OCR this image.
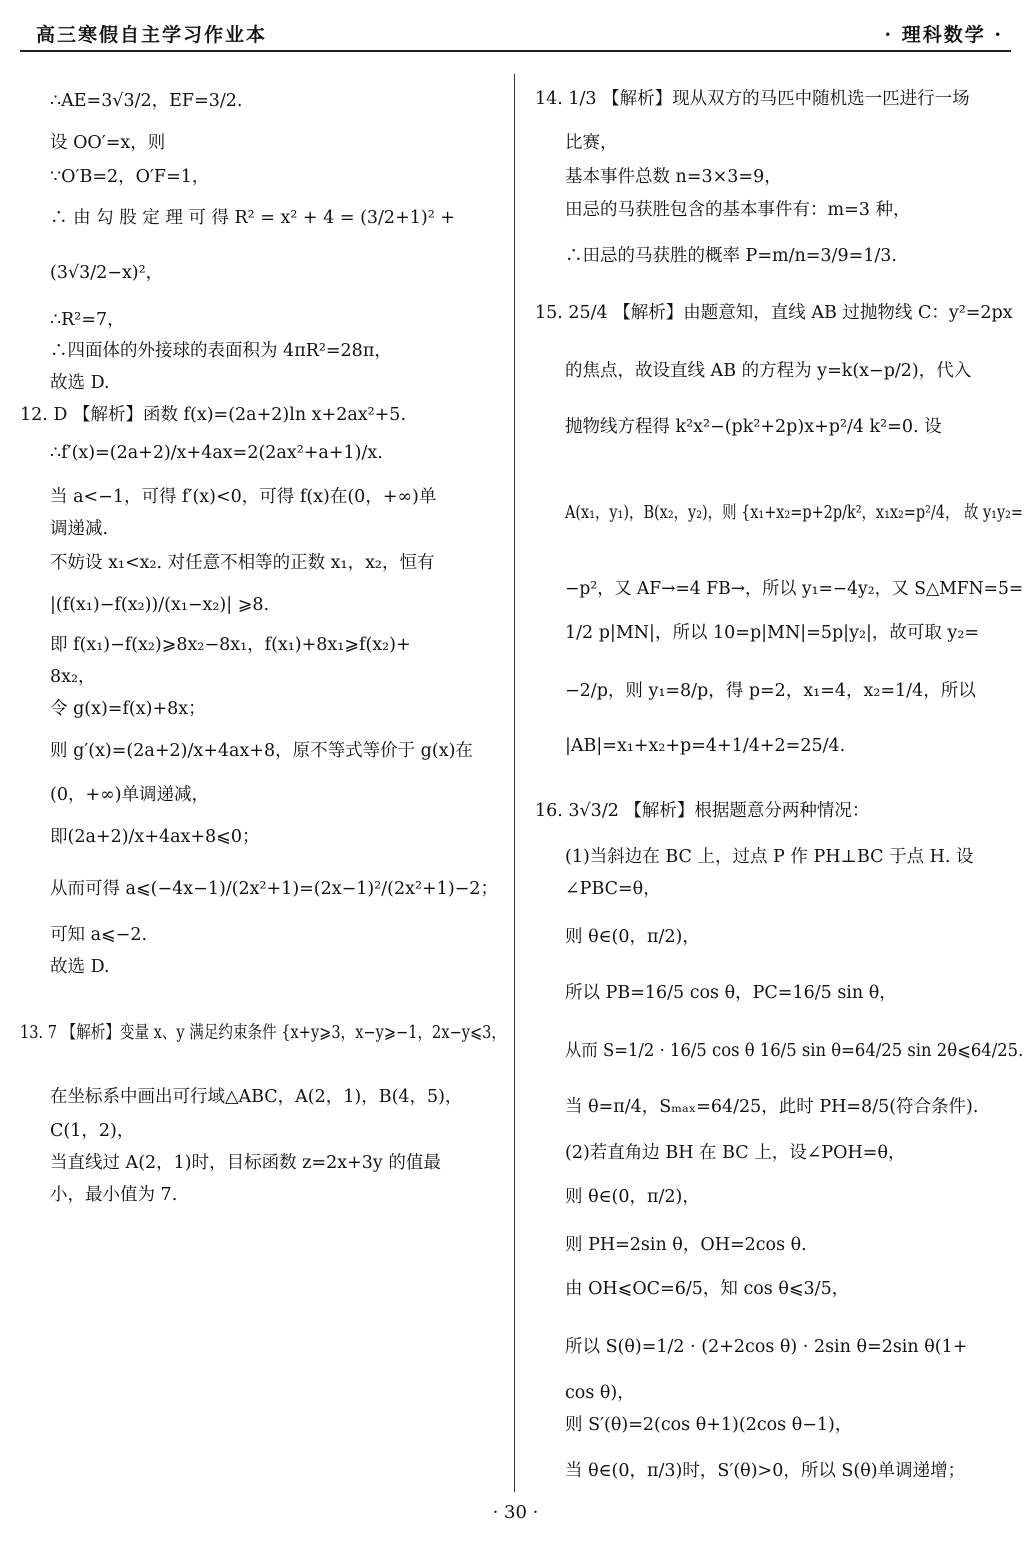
高三寒假自主学习作业本	· 理科数学 ·
∴AE=3√3/2，EF=3/2.
设 OO′=x，则
∵O′B=2，O′F=1，
∴ 由 勾 股 定 理 可 得 R² = x² + 4 = (3/2+1)² +
(3√3/2−x)²，
∴R²=7，
∴四面体的外接球的表面积为 4πR²=28π，
故选 D.
12. D 【解析】函数 f(x)=(2a+2)ln x+2ax²+5.
∴f′(x)=(2a+2)/x+4ax=2(2ax²+a+1)/x.
当 a<−1，可得 f′(x)<0，可得 f(x)在(0，+∞)单
调递减.
不妨设 x₁<x₂. 对任意不相等的正数 x₁，x₂，恒有
|(f(x₁)−f(x₂))/(x₁−x₂)| ⩾8.
即 f(x₁)−f(x₂)⩾8x₂−8x₁，f(x₁)+8x₁⩾f(x₂)+
8x₂，
令 g(x)=f(x)+8x；
则 g′(x)=(2a+2)/x+4ax+8，原不等式等价于 g(x)在
(0，+∞)单调递减，
即(2a+2)/x+4ax+8⩽0；
从而可得 a⩽(−4x−1)/(2x²+1)=(2x−1)²/(2x²+1)−2；
可知 a⩽−2.
故选 D.
13. 7 【解析】变量 x、y 满足约束条件 {x+y⩾3，x−y⩾−1，2x−y⩽3，
在坐标系中画出可行域△ABC，A(2，1)，B(4，5)，
C(1，2)，
当直线过 A(2，1)时，目标函数 z=2x+3y 的值最
小，最小值为 7.
14. 1/3 【解析】现从双方的马匹中随机选一匹进行一场
比赛，
基本事件总数 n=3×3=9，
田忌的马获胜包含的基本事件有：m=3 种，
∴田忌的马获胜的概率 P=m/n=3/9=1/3.
15. 25/4 【解析】由题意知，直线 AB 过抛物线 C：y²=2px
的焦点，故设直线 AB 的方程为 y=k(x−p/2)，代入
抛物线方程得 k²x²−(pk²+2p)x+p²/4 k²=0. 设
A(x₁，y₁)，B(x₂，y₂)，则 {x₁+x₂=p+2p/k²，x₁x₂=p²/4， 故 y₁y₂=
−p²，又 AF→=4 FB→，所以 y₁=−4y₂，又 S△MFN=5=
1/2 p|MN|，所以 10=p|MN|=5p|y₂|，故可取 y₂=
−2/p，则 y₁=8/p，得 p=2，x₁=4，x₂=1/4，所以
|AB|=x₁+x₂+p=4+1/4+2=25/4.
16. 3√3/2 【解析】根据题意分两种情况：
(1)当斜边在 BC 上，过点 P 作 PH⊥BC 于点 H. 设
∠PBC=θ，
则 θ∈(0，π/2)，
所以 PB=16/5 cos θ，PC=16/5 sin θ，
从而 S=1/2 · 16/5 cos θ 16/5 sin θ=64/25 sin 2θ⩽64/25.
当 θ=π/4，Sₘₐₓ=64/25，此时 PH=8/5(符合条件).
(2)若直角边 BH 在 BC 上，设∠POH=θ，
则 θ∈(0，π/2)，
则 PH=2sin θ，OH=2cos θ.
由 OH⩽OC=6/5，知 cos θ⩽3/5，
所以 S(θ)=1/2 · (2+2cos θ) · 2sin θ=2sin θ(1+
cos θ)，
则 S′(θ)=2(cos θ+1)(2cos θ−1)，
当 θ∈(0，π/3)时，S′(θ)>0，所以 S(θ)单调递增；
· 30 ·
